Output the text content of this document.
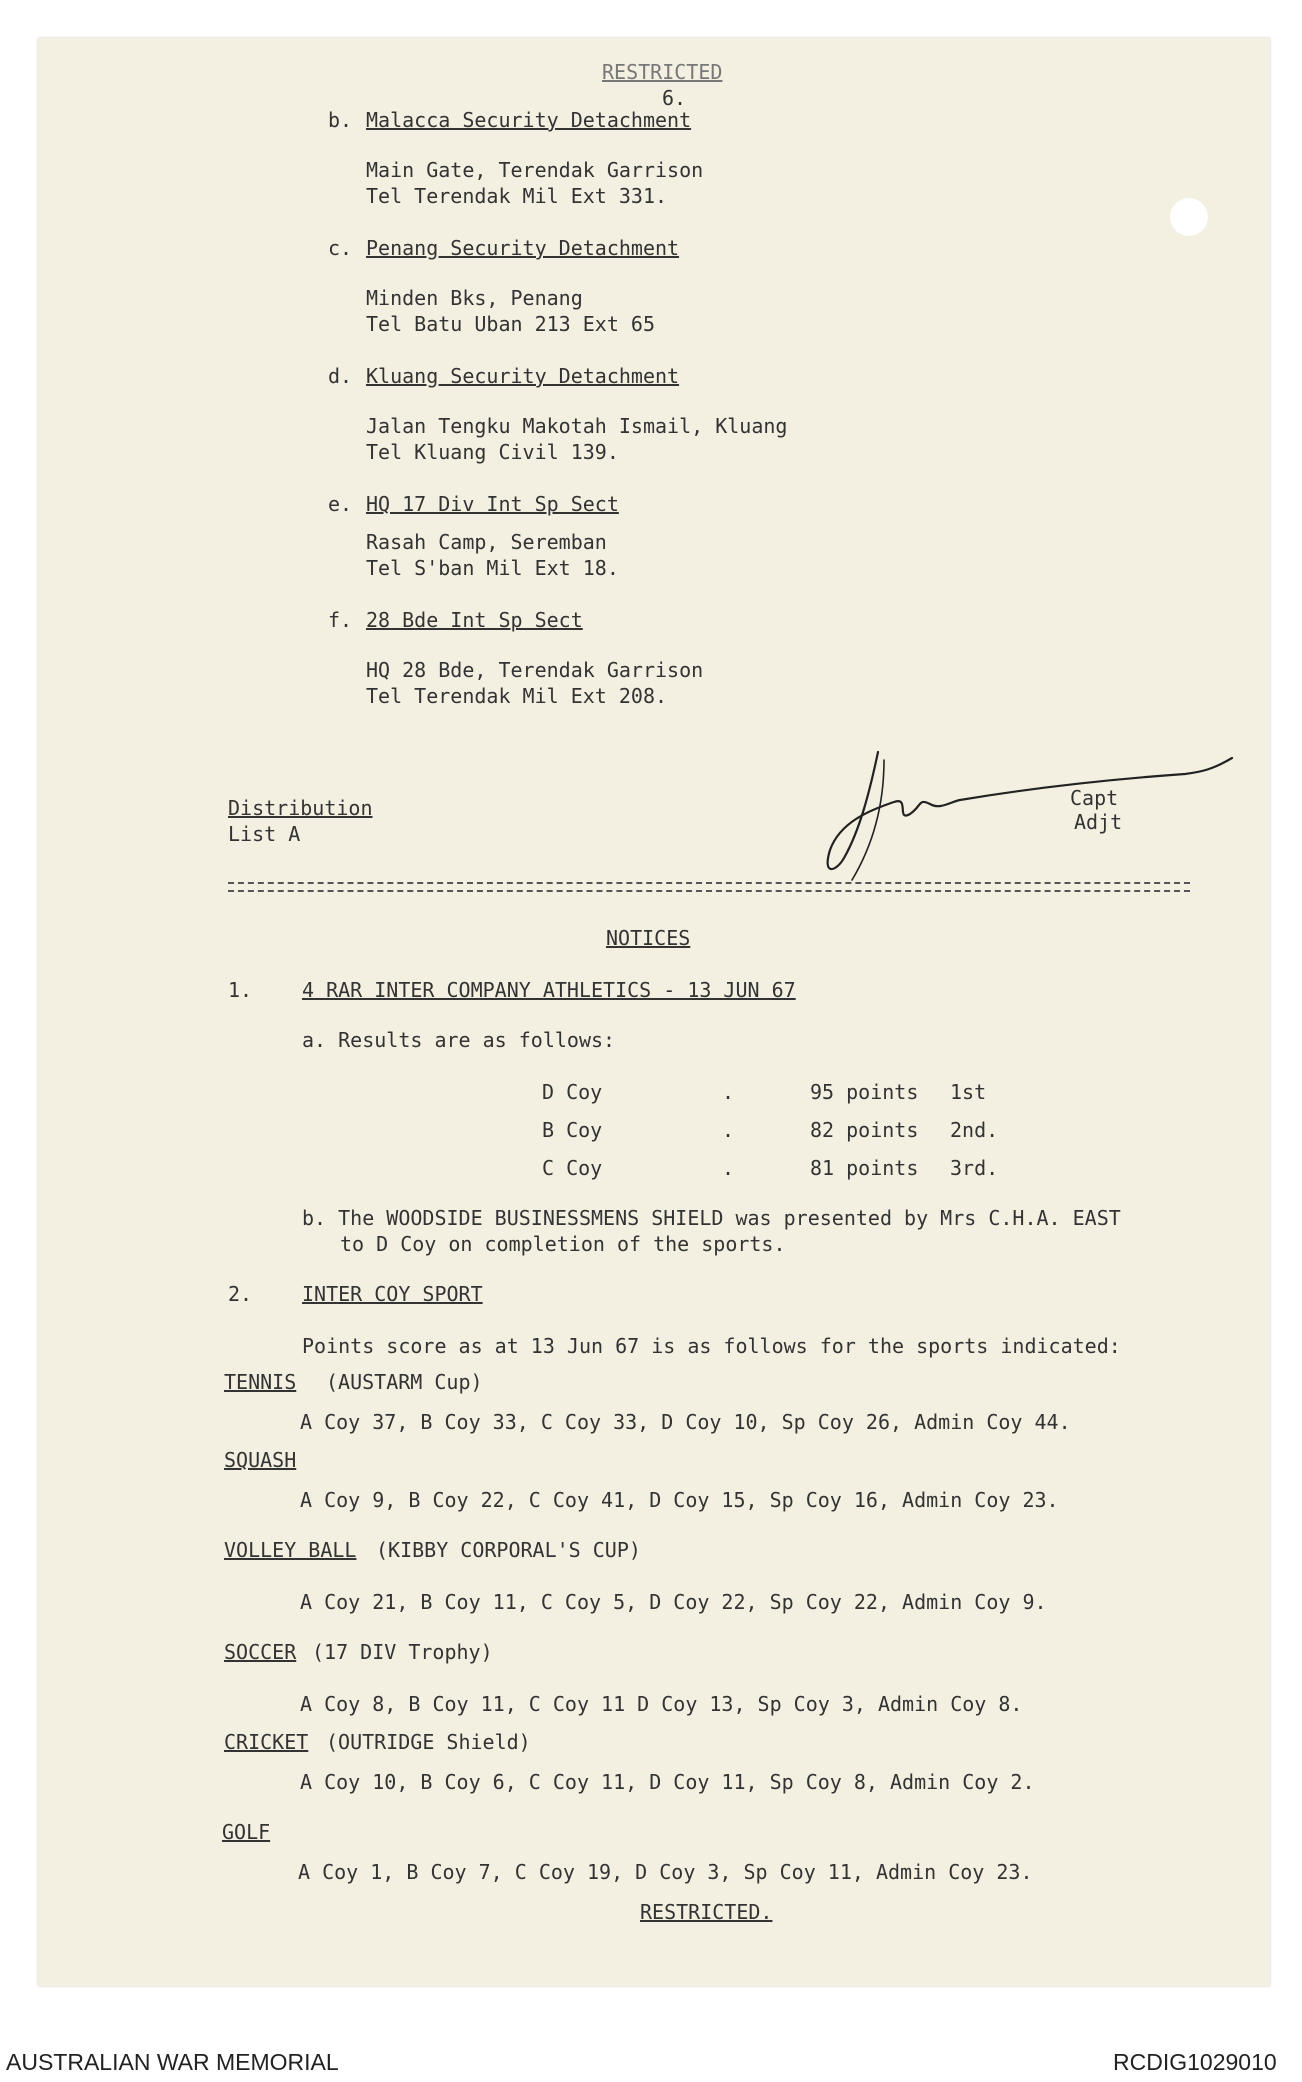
RESTRICTED
6.
b. Malacca Security Detachment
Main Gate, Terendak Garrison
Tel Terendak Mil Ext 331.
c. Penang Security Detachment
Minden Bks, Penang
Tel Batu Uban 213 Ext 65
d. Kluang Security Detachment
Jalan Tengku Makotah Ismail, Kluang
Tel Kluang Civil 139.
e. HQ 17 Div Int Sp Sect
Rasah Camp, Seremban
Tel S'ban Mil Ext 18.
f. 28 Bde Int Sp Sect
HQ 28 Bde, Terendak Garrison
Tel Terendak Mil Ext 208.
Distribution
List A
Capt
Adjt
NOTICES
1. 4 RAR INTER COMPANY ATHLETICS - 13 JUN 67
a. Results are as follows:
D Coy	.	95 points 1st
B Coy	.	82 points 2nd.
C Coy	.	81 points 3rd.
b. The WOODSIDE BUSINESSMENS SHIELD was presented by Mrs C.H.A. EAST
to D Coy on completion of the sports.
2. INTER COY SPORT
Points score as at 13 Jun 67 is as follows for the sports indicated:
TENNIS (AUSTARM Cup)
A Coy 37, B Coy 33, C Coy 33, D Coy 10, Sp Coy 26, Admin Coy 44.
SQUASH
A Coy 9, B Coy 22, C Coy 41, D Coy 15, Sp Coy 16, Admin Coy 23.
VOLLEY BALL (KIBBY CORPORAL'S CUP)
A Coy 21, B Coy 11, C Coy 5, D Coy 22, Sp Coy 22, Admin Coy 9.
SOCCER (17 DIV Trophy)
A Coy 8, B Coy 11, C Coy 11 D Coy 13, Sp Coy 3, Admin Coy 8.
CRICKET (OUTRIDGE Shield)
A Coy 10, B Coy 6, C Coy 11, D Coy 11, Sp Coy 8, Admin Coy 2.
GOLF
A Coy 1, B Coy 7, C Coy 19, D Coy 3, Sp Coy 11, Admin Coy 23.
RESTRICTED.
AUSTRALIAN WAR MEMORIAL	RCDIG1029010
